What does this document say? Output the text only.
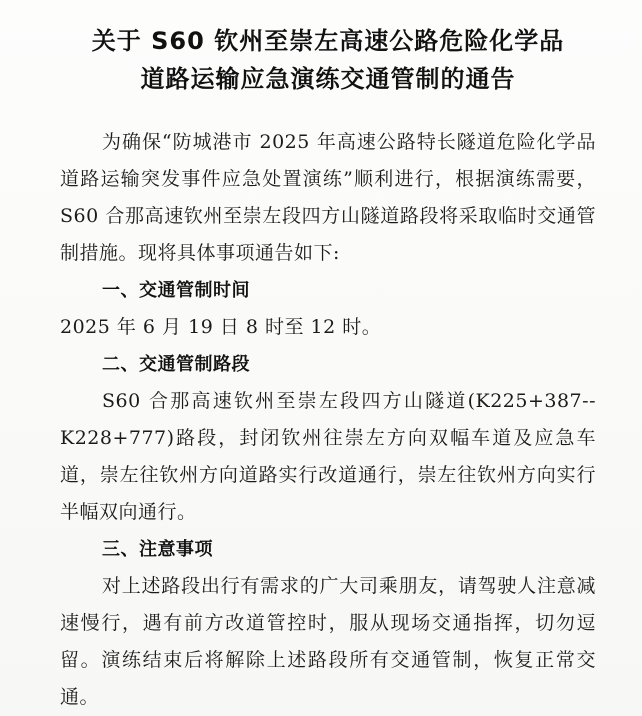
关于 S60 钦州至崇左高速公路危险化学品
道路运输应急演练交通管制的通告

为确保“防城港市 2025 年高速公路特长隧道危险化学品道路运输突发事件应急处置演练”顺利进行，根据演练需要，S60 合那高速钦州至崇左段四方山隧道路段将采取临时交通管制措施。现将具体事项通告如下:

一、交通管制时间

2025 年 6 月 19 日 8 时至 12 时。

二、交通管制路段

S60 合那高速钦州至崇左段四方山隧道(K225+387--K228+777)路段，封闭钦州往崇左方向双幅车道及应急车道，崇左往钦州方向道路实行改道通行，崇左往钦州方向实行半幅双向通行。

三、注意事项

对上述路段出行有需求的广大司乘朋友，请驾驶人注意减速慢行，遇有前方改道管控时，服从现场交通指挥，切勿逗留。演练结束后将解除上述路段所有交通管制，恢复正常交通。
